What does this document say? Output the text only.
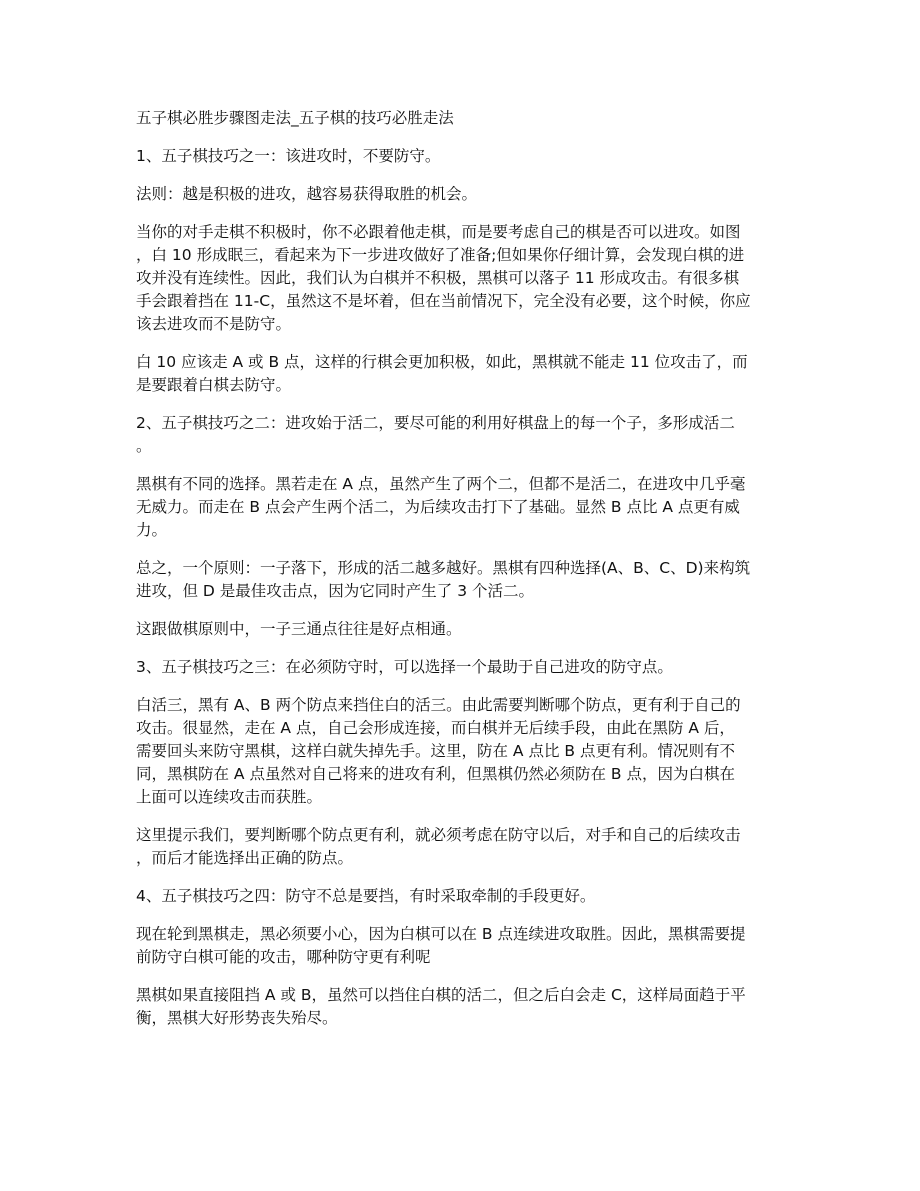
五子棋必胜步骤图走法_五子棋的技巧必胜走法

1、五子棋技巧之一：该进攻时，不要防守。

法则：越是积极的进攻，越容易获得取胜的机会。

当你的对手走棋不积极时，你不必跟着他走棋，而是要考虑自己的棋是否可以进攻。如图
，白 10 形成眠三，看起来为下一步进攻做好了准备;但如果你仔细计算，会发现白棋的进
攻并没有连续性。因此，我们认为白棋并不积极，黑棋可以落子 11 形成攻击。有很多棋
手会跟着挡在 11-C，虽然这不是坏着，但在当前情况下，完全没有必要，这个时候，你应
该去进攻而不是防守。

白 10 应该走 A 或 B 点，这样的行棋会更加积极，如此，黑棋就不能走 11 位攻击了，而
是要跟着白棋去防守。

2、五子棋技巧之二：进攻始于活二，要尽可能的利用好棋盘上的每一个子，多形成活二
。

黑棋有不同的选择。黑若走在 A 点，虽然产生了两个二，但都不是活二，在进攻中几乎毫
无威力。而走在 B 点会产生两个活二，为后续攻击打下了基础。显然 B 点比 A 点更有威
力。

总之，一个原则：一子落下，形成的活二越多越好。黑棋有四种选择(A、B、C、D)来构筑
进攻，但 D 是最佳攻击点，因为它同时产生了 3 个活二。

这跟做棋原则中，一子三通点往往是好点相通。

3、五子棋技巧之三：在必须防守时，可以选择一个最助于自己进攻的防守点。

白活三，黑有 A、B 两个防点来挡住白的活三。由此需要判断哪个防点，更有利于自己的
攻击。很显然，走在 A 点，自己会形成连接，而白棋并无后续手段，由此在黑防 A 后，
需要回头来防守黑棋，这样白就失掉先手。这里，防在 A 点比 B 点更有利。情况则有不
同，黑棋防在 A 点虽然对自己将来的进攻有利，但黑棋仍然必须防在 B 点，因为白棋在
上面可以连续攻击而获胜。

这里提示我们，要判断哪个防点更有利，就必须考虑在防守以后，对手和自己的后续攻击
，而后才能选择出正确的防点。

4、五子棋技巧之四：防守不总是要挡，有时采取牵制的手段更好。

现在轮到黑棋走，黑必须要小心，因为白棋可以在 B 点连续进攻取胜。因此，黑棋需要提
前防守白棋可能的攻击，哪种防守更有利呢

黑棋如果直接阻挡 A 或 B，虽然可以挡住白棋的活二，但之后白会走 C，这样局面趋于平
衡，黑棋大好形势丧失殆尽。
